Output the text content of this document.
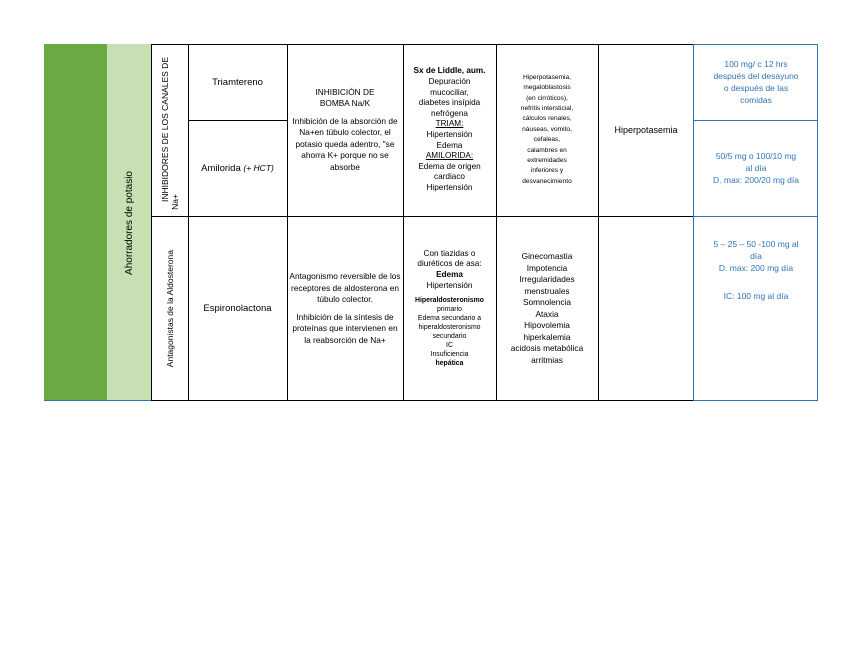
Ahorradores de potasio
INHIBIDORES DE LOS CANALES DE Na+
Antagonistas de la Aldosterona
Triamtereno
Amilorida
(+ HCT)
Espironolactona

INHIBICIÓN DE

BOMBA Na/K

Inhibición de la absorción de Na+en túbulo colector, el potasio queda adentro, "se ahorra K+ porque no se absorbe

Antagonismo reversible de los receptores de aldosterona en túbulo colector.

Inhibición de la síntesis de proteínas que intervienen en la reabsorción de Na+

Sx de Liddle, aum.
Depuración
mucociliar,
diabetes insípida
nefrógena
TRIAM:
Hipertensión
Edema
AMILORIDA:
Edema de origen
cardiaco
Hipertensión
Con tiazidas o
diuréticos de asa:
Edema
Hipertensión
Hiperaldosteronismo
primario
Edema secundario a
hiperaldosteronismo
secundario
IC
Insuficiencia
hepática
Hiperpotasemia,
megaloblastosis
(en cirróticos),
nefritis intersticial,
cálculos renales,
náuseas, vomito,
cefaleas,
calambres en
extremidades
inferiores y
desvanecimiento
Ginecomastia
Impotencia
Irregularidades
menstruales
Somnolencia
Ataxia
Hipovolemia
hiperkalemia
acidosis metabólica
arritmias
Hiperpotasemia
100 mg/ c 12 hrs
después del desayuno
o después de las
comidas
50/5 mg o 100/10 mg
al día
D. max: 200/20 mg día
5 – 25 – 50 -100 mg al
día
D. max: 200 mg día
IC: 100 mg al día
